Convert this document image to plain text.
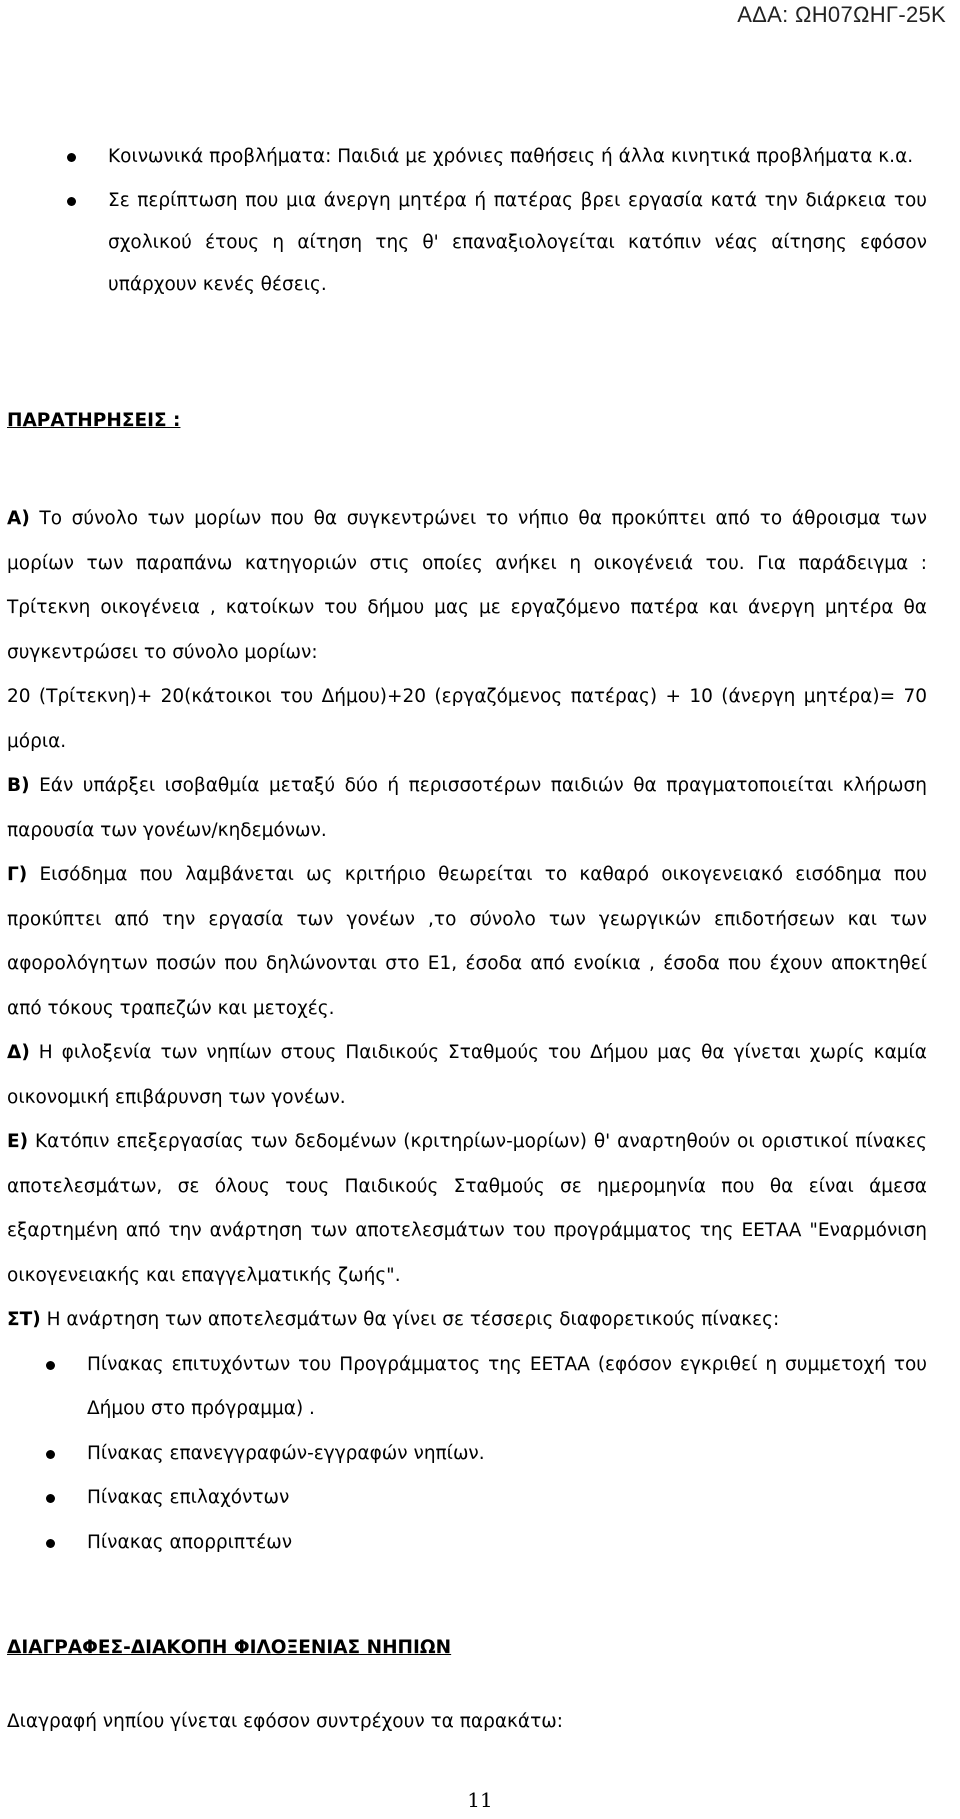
ΑΔΑ: ΩΗ07ΩΗΓ-25Κ
Κοινωνικά προβλήματα: Παιδιά με χρόνιες παθήσεις ή άλλα κινητικά προβλήματα κ.α.
Σε περίπτωση που μια άνεργη μητέρα ή πατέρας βρει εργασία κατά την διάρκεια του σχολικού έτους η αίτηση της θ' επαναξιολογείται κατόπιν νέας αίτησης εφόσον υπάρχουν κενές θέσεις.
ΠΑΡΑΤΗΡΗΣΕΙΣ :

Α) Το σύνολο των μορίων που θα συγκεντρώνει το νήπιο θα προκύπτει από το άθροισμα των μορίων των παραπάνω κατηγοριών στις οποίες ανήκει η οικογένειά του. Για παράδειγμα : Τρίτεκνη οικογένεια , κατοίκων του δήμου μας με εργαζόμενο πατέρα και άνεργη μητέρα θα συγκεντρώσει το σύνολο μορίων:

20 (Τρίτεκνη)+ 20(κάτοικοι του Δήμου)+20 (εργαζόμενος πατέρας) + 10 (άνεργη μητέρα)= 70 μόρια.

Β) Εάν υπάρξει ισοβαθμία μεταξύ δύο ή περισσοτέρων παιδιών θα πραγματοποιείται κλήρωση παρουσία των γονέων/κηδεμόνων.

Γ) Εισόδημα που λαμβάνεται ως κριτήριο θεωρείται το καθαρό οικογενειακό εισόδημα που προκύπτει από την εργασία των γονέων ,το σύνολο των γεωργικών επιδοτήσεων και των αφορολόγητων ποσών που δηλώνονται στο Ε1, έσοδα από ενοίκια , έσοδα που έχουν αποκτηθεί από τόκους τραπεζών και μετοχές.

Δ) Η φιλοξενία των νηπίων στους Παιδικούς Σταθμούς του Δήμου μας θα γίνεται χωρίς καμία οικονομική επιβάρυνση των γονέων.

Ε) Κατόπιν επεξεργασίας των δεδομένων (κριτηρίων-μορίων) θ' αναρτηθούν οι οριστικοί πίνακες αποτελεσμάτων, σε όλους τους Παιδικούς Σταθμούς σε ημερομηνία που θα είναι άμεσα εξαρτημένη από την ανάρτηση των αποτελεσμάτων του προγράμματος της ΕΕΤΑΑ "Εναρμόνιση οικογενειακής και επαγγελματικής ζωής".

ΣΤ) Η ανάρτηση των αποτελεσμάτων θα γίνει σε τέσσερις διαφορετικούς πίνακες:

Πίνακας επιτυχόντων του Προγράμματος της ΕΕΤΑΑ (εφόσον εγκριθεί η συμμετοχή του Δήμου στο πρόγραμμα) .
Πίνακας επανεγγραφών-εγγραφών νηπίων.
Πίνακας επιλαχόντων
Πίνακας απορριπτέων
ΔΙΑΓΡΑΦΕΣ-ΔΙΑΚΟΠΗ ΦΙΛΟΞΕΝΙΑΣ ΝΗΠΙΩΝ
Διαγραφή νηπίου γίνεται εφόσον συντρέχουν τα παρακάτω:
11
